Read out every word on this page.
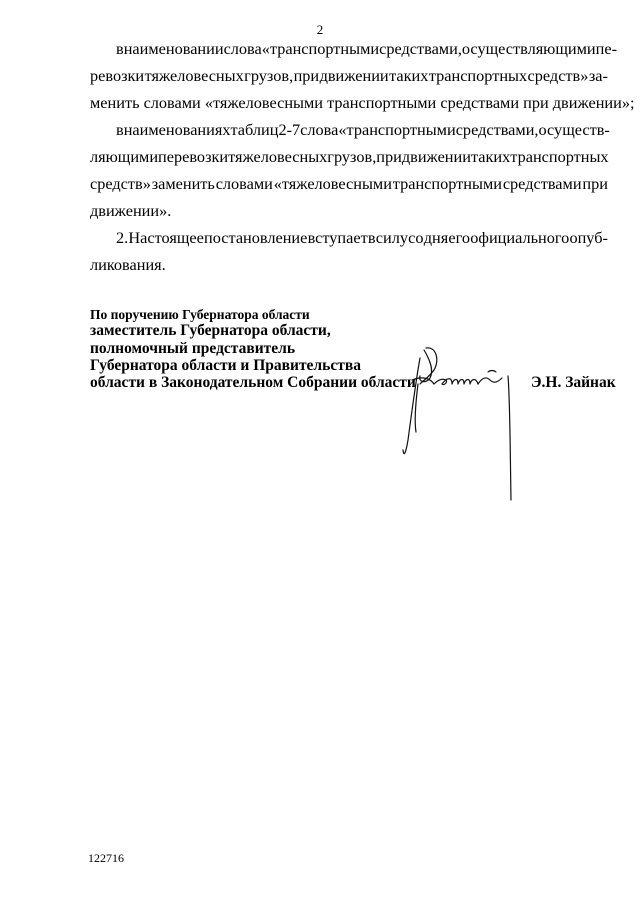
2
в наименовании слова «транспортными средствами, осуществляющими пе-
ревозки тяжеловесных грузов, при движении таких транспортных средств» за-
менить словами «тяжеловесными транспортными средствами при движении»;
в наименованиях таблиц 2-7 слова «транспортными средствами, осуществ-
ляющими перевозки тяжеловесных грузов, при движении таких транспортных
средств» заменить словами «тяжеловесными транспортными средствами при
движении».
2. Настоящее постановление вступает в силу со дня его официального опуб-
ликования.
По поручению Губернатора области
заместитель Губернатора области,
полномочный представитель
Губернатора области и Правительства
области в Законодательном Собрании области	Э.Н. Зайнак
122716
